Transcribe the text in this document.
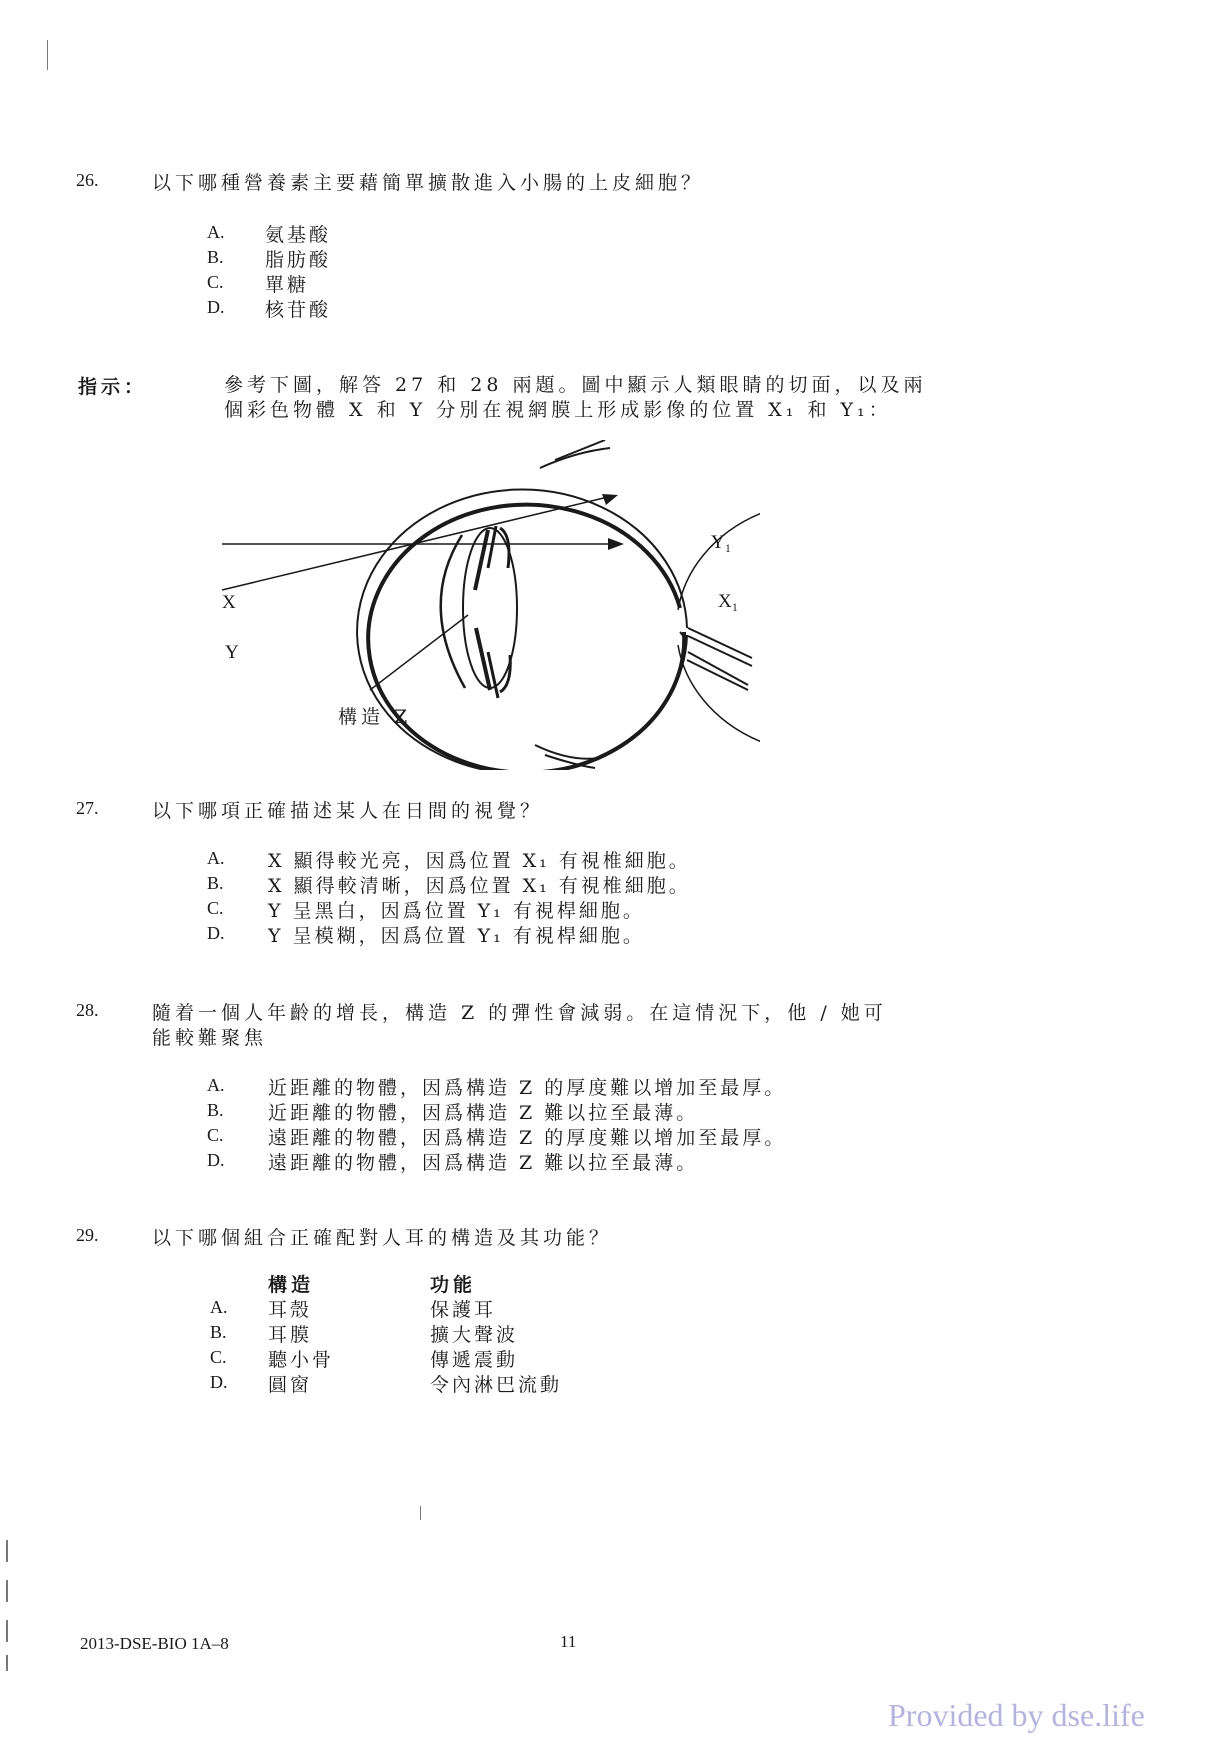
26.	以下哪種營養素主要藉簡單擴散進入小腸的上皮細胞？
A. 氨基酸
B. 脂肪酸
C. 單糖
D. 核苷酸
指示：	參考下圖，解答 27 和 28 兩題。圖中顯示人類眼睛的切面，以及兩
個彩色物體 X 和 Y 分別在視網膜上形成影像的位置 X₁ 和 Y₁：
X
Y
X₁
Y₁
構造 Z
27.	以下哪項正確描述某人在日間的視覺？
A. X 顯得較光亮，因爲位置 X₁ 有視椎細胞。
B. X 顯得較清晰，因爲位置 X₁ 有視椎細胞。
C. Y 呈黑白，因爲位置 Y₁ 有視桿細胞。
D. Y 呈模糊，因爲位置 Y₁ 有視桿細胞。
28.	隨着一個人年齡的增長，構造 Z 的彈性會減弱。在這情況下，他 / 她可
能較難聚焦
A. 近距離的物體，因爲構造 Z 的厚度難以增加至最厚。
B. 近距離的物體，因爲構造 Z 難以拉至最薄。
C. 遠距離的物體，因爲構造 Z 的厚度難以增加至最厚。
D. 遠距離的物體，因爲構造 Z 難以拉至最薄。
29.	以下哪個組合正確配對人耳的構造及其功能？
構造	功能
A. 耳殼	保護耳
B. 耳膜	擴大聲波
C. 聽小骨	傳遞震動
D. 圓窗	令內淋巴流動
2013-DSE-BIO 1A–8	11
Provided by dse.life
